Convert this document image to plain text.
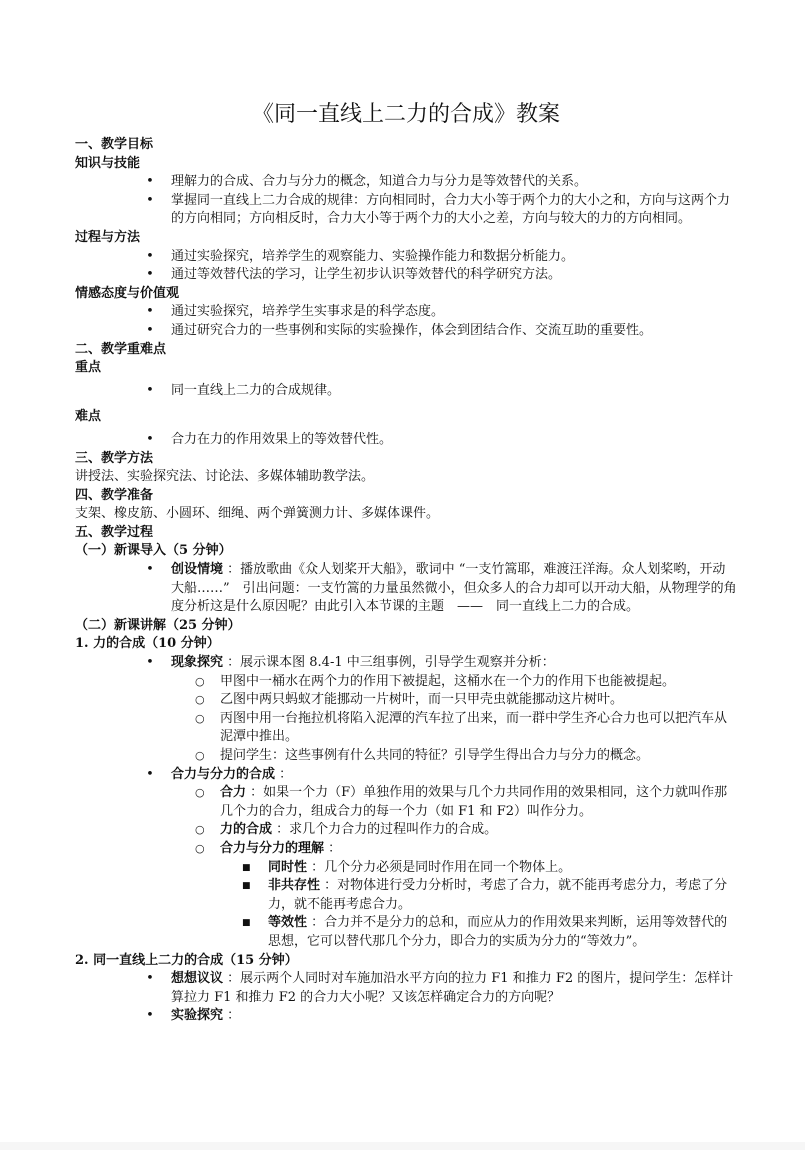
《同一直线上二力的合成》教案

一、教学目标

知识与技能

• 理解力的合成、合力与分力的概念，知道合力与分力是等效替代的关系。
• 掌握同一直线上二力合成的规律：方向相同时，合力大小等于两个力的大小之和，方向与这两个力的方向相同；方向相反时，合力大小等于两个力的大小之差，方向与较大的力的方向相同。

过程与方法

• 通过实验探究，培养学生的观察能力、实验操作能力和数据分析能力。
• 通过等效替代法的学习，让学生初步认识等效替代的科学研究方法。

情感态度与价值观

• 通过实验探究，培养学生实事求是的科学态度。
• 通过研究合力的一些事例和实际的实验操作，体会到团结合作、交流互助的重要性。

二、教学重难点

重点

• 同一直线上二力的合成规律。

难点

• 合力在力的作用效果上的等效替代性。

三、教学方法

讲授法、实验探究法、讨论法、多媒体辅助教学法。

四、教学准备

支架、橡皮筋、小圆环、细绳、两个弹簧测力计、多媒体课件。

五、教学过程

（一）新课导入（5 分钟）

• 创设情境 ：播放歌曲《众人划桨开大船》，歌词中 “一支竹篙耶，难渡汪洋海。众人划桨哟，开动大船……”　引出问题：一支竹篙的力量虽然微小，但众多人的合力却可以开动大船，从物理学的角度分析这是什么原因呢？由此引入本节课的主题　——　同一直线上二力的合成。

（二）新课讲解（25 分钟）

1. 力的合成（10 分钟）

• 现象探究 ：展示课本图 8.4-1 中三组事例，引导学生观察并分析：
○ 甲图中一桶水在两个力的作用下被提起，这桶水在一个力的作用下也能被提起。
○ 乙图中两只蚂蚁才能挪动一片树叶，而一只甲壳虫就能挪动这片树叶。
○ 丙图中用一台拖拉机将陷入泥潭的汽车拉了出来，而一群中学生齐心合力也可以把汽车从泥潭中推出。
○ 提问学生：这些事例有什么共同的特征？引导学生得出合力与分力的概念。
• 合力与分力的合成 ：
○ 合力 ：如果一个力（F）单独作用的效果与几个力共同作用的效果相同，这个力就叫作那几个力的合力，组成合力的每一个力（如 F1 和 F2）叫作分力。
○ 力的合成 ：求几个力合力的过程叫作力的合成。
○ 合力与分力的理解 ：
■ 同时性 ：几个分力必须是同时作用在同一个物体上。
■ 非共存性 ：对物体进行受力分析时，考虑了合力，就不能再考虑分力，考虑了分力，就不能再考虑合力。
■ 等效性 ：合力并不是分力的总和，而应从力的作用效果来判断，运用等效替代的思想，它可以替代那几个分力，即合力的实质为分力的“等效力”。

2. 同一直线上二力的合成（15 分钟）

• 想想议议 ：展示两个人同时对车施加沿水平方向的拉力 F1 和推力 F2 的图片，提问学生：怎样计算拉力 F1 和推力 F2 的合力大小呢？又该怎样确定合力的方向呢？
• 实验探究 ：
